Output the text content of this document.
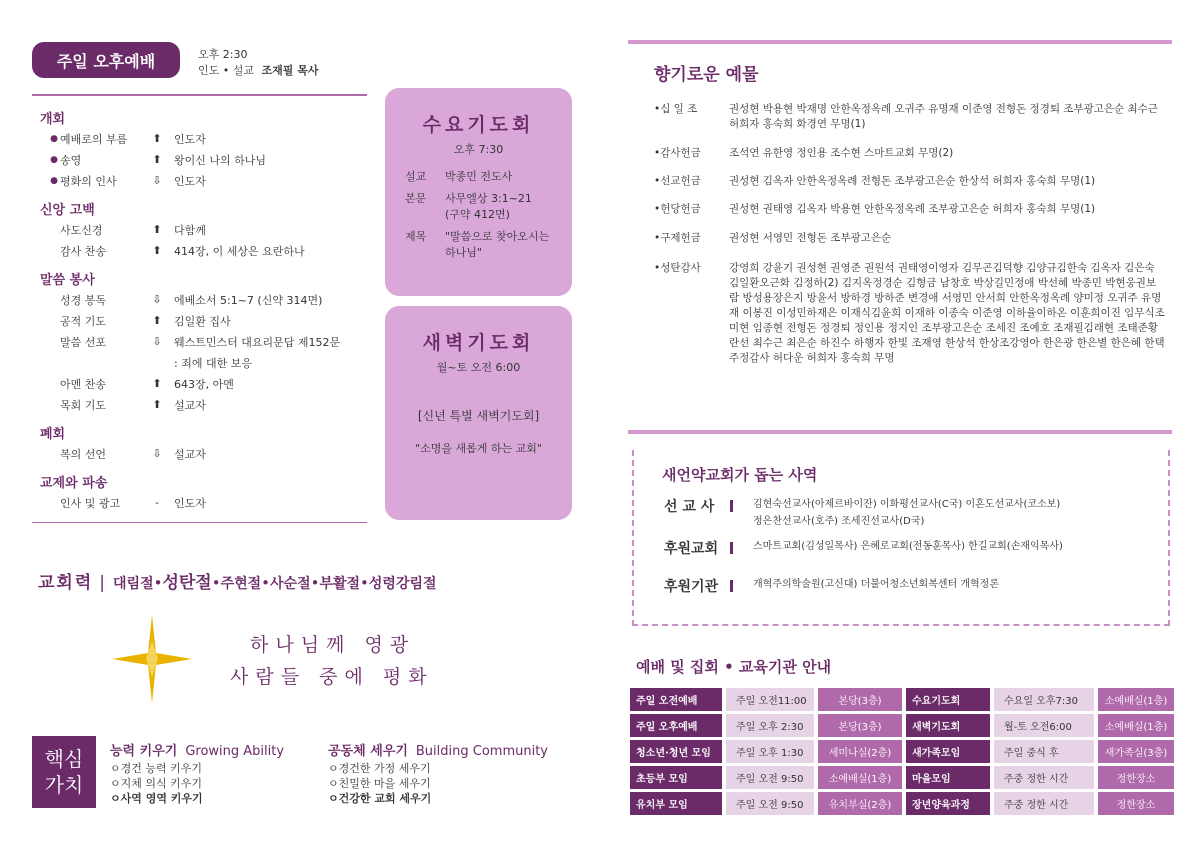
주일 오후예배	오후 2:30
인도 • 설교 조재필 목사
개회
● 예배로의 부름	⬆	인도자
● 송영	⬆	왕이신 나의 하나님
● 평화의 인사	⇩	인도자
신앙 고백
사도신경	⬆	다함께
감사 찬송	⬆	414장, 이 세상은 요란하나
말씀 봉사
성경 봉독	⇩	에베소서 5:1~7 (신약 314면)
공적 기도	⬆	김일환 집사
말씀 선포	⇩	웨스트민스터 대요리문답 제152문
: 죄에 대한 보응
아멘 찬송	⬆	643장, 아멘
목회 기도	⬆	설교자
폐회
복의 선언	⇩	설교자
교제와 파송
인사 및 광고	-	인도자
수요기도회
오후 7:30
설교	박종민 전도사
본문	사무엘상 3:1~21
(구약 412면)
제목	"말씀으로 찾아오시는
하나님"
새벽기도회
월~토 오전 6:00
[신년 특별 새벽기도회]
"소명을 새롭게 하는 교회"
교회력 | 대림절 • 성탄절 • 주현절 • 사순절 • 부활절 • 성령강림절
하나님께 영광
사람들 중에 평화
핵심
가치
능력 키우기 Growing Ability
ㅇ경건 능력 키우기
ㅇ지체 의식 키우기
ㅇ사역 영역 키우기
공동체 세우기 Building Community
ㅇ경건한 가정 세우기
ㅇ친밀한 마을 세우기
ㅇ건강한 교회 세우기
향기로운 예물
•십 일 조	권성현 박용현 박재명 안한옥정옥례 오귀주 유명재 이준영 전형돈 정경퇴 조부광고은순 최수근 허희자 홍숙희 화경연 무명(1)
•감사헌금	조석연 유한영 정인용 조수현 스마트교회 무명(2)
•선교헌금	권성현 김옥자 안한옥정옥례 전형돈 조부광고은순 한상석 허희자 홍숙희 무명(1)
•헌당헌금	권성현 권태영 김옥자 박용현 안한옥정옥례 조부광고은순 허희자 홍숙희 무명(1)
•구제헌금	권성현 서영민 전형돈 조부광고은순
•성탄감사	강영희 강윤기 권성현 권영준 권원석 권태영이영자 김무곤김덕향 김양규김한숙 김옥자 김은숙 김일환오근화 김정하(2) 김지옥정경순 김형금 남창호 박상길민정애 박선혜 박종민 박현웅권보람 방성용장은지 방윤서 방하경 방하준 변경애 서영민 안서희 안한옥정옥례 양미정 오귀주 유명재 이봉진 이성민하재은 이재식김윤희 이재하 이종숙 이준영 이하율이하온 이훈희이진 임무식조미현 임종현 전형돈 정경퇴 정인용 정지인 조부광고은순 조세진 조예호 조재필김래현 조태준황란선 최수근 최은순 하진수 하행자 한빛 조재영 한상석 한상조강영아 한은광 한은별 한은혜 한택주정감사 허다운 허희자 홍숙희 무명
새언약교회가 돕는 사역
선 교 사	김현숙선교사(아제르바이잔) 이화평선교사(C국) 이흔도선교사(코소보)
정은찬선교사(호주) 조세진선교사(D국)
후원교회	스마트교회(김성일목사) 은혜로교회(전동훈목사) 한길교회(손재익목사)
후원기관	개혁주의학술원(고신대) 더불어청소년회복센터 개혁정론
예배 및 집회 • 교육기관 안내
주일 오전예배	주일 오전11:00	본당(3층)	수요기도회	수요일 오후7:30	소예배실(1층)
주일 오후예배	주일 오후 2:30	본당(3층)	새벽기도회	월-토 오전6:00	소예배실(1층)
청소년·청년 모임	주일 오후 1:30	세미나실(2층)	새가족모임	주일 중식 후	새가족실(3층)
초등부 모임	주일 오전 9:50	소예배실(1층)	마을모임	주중 정한 시간	정한장소
유치부 모임	주일 오전 9:50	유치부실(2층)	장년양육과정	주중 정한 시간	정한장소
